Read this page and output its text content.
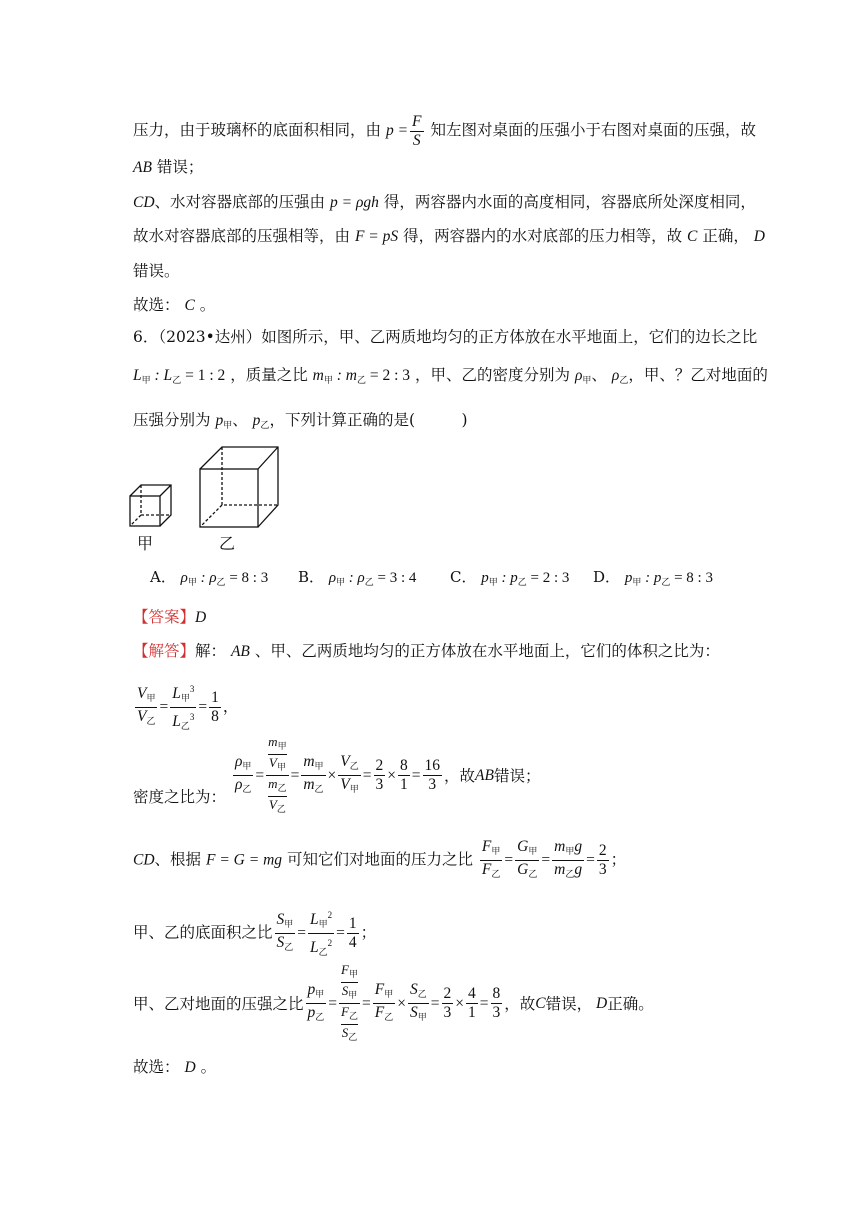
压力，由于玻璃杯的底面积相同，由 $p = \frac{F}{S}$ 知左图对桌面的压强小于右图对桌面的压强，故
AB 错误；
CD、水对容器底部的压强由 p = ρgh 得，两容器内水面的高度相同，容器底所处深度相同，
故水对容器底部的压强相等，由 F = pS 得，两容器内的水对底部的压力相等，故 C 正确， D
错误。
故选： C 。
6．（2023•达州）如图所示，甲、乙两质地均匀的正方体放在水平地面上，它们的边长之比
$L_甲$ : $L_乙 = 1$ : 2 ，质量之比 $m_甲$ : $m_乙 = 2$ : 3 ，甲、乙的密度分别为 $\rho_甲$、 $\rho_乙$，甲、？乙对地面的
压强分别为 $p_甲$、 $p_乙$，下列计算正确的是(　　　)
甲	乙
A． $\rho_甲$ : $\rho_乙 = 8$ : 3 B． $\rho_甲$ : $\rho_乙 = 3$ : 4 C． $p_甲$ : $p_乙 = 2$ : 3 D． $p_甲$ : $p_乙 = 8$ : 3
【答案】D
【解答】解： AB 、甲、乙两质地均匀的正方体放在水平地面上，它们的体积之比为：
$\frac{V_甲}{V_乙} = \frac{L_甲^3}{L_乙^3} = \frac{1}{8}$ ，
密度之比为： $\frac{\rho_甲}{\rho_乙} = m_甲$
$V_甲$
$m_乙$
$V_乙 = \frac{m_甲}{m_乙} \times \frac{V_乙}{V_甲} = \frac{2}{3} \times \frac{8}{1} = \frac{16}{3}$ ，故 AB 错误；
CD、根据 F = G = mg 可知它们对地面的压力之比 $\frac{F_甲}{F_乙} = \frac{G_甲}{G_乙} = \frac{m_甲g}{m_乙g} = \frac{2}{3}$ ；
甲、乙的底面积之比 $\frac{S_甲}{S_乙} = \frac{L_甲^2}{L_乙^2} = \frac{1}{4}$ ；
甲、乙对地面的压强之比 $\frac{p_甲}{p_乙} = F_甲$
$S_甲$
$F_乙$
$S_乙 = \frac{F_甲}{F_乙} \times \frac{S_乙}{S_甲} = \frac{2}{3} \times \frac{4}{1} = \frac{8}{3}$ ，故 C 错误， D 正确。
故选： D 。
